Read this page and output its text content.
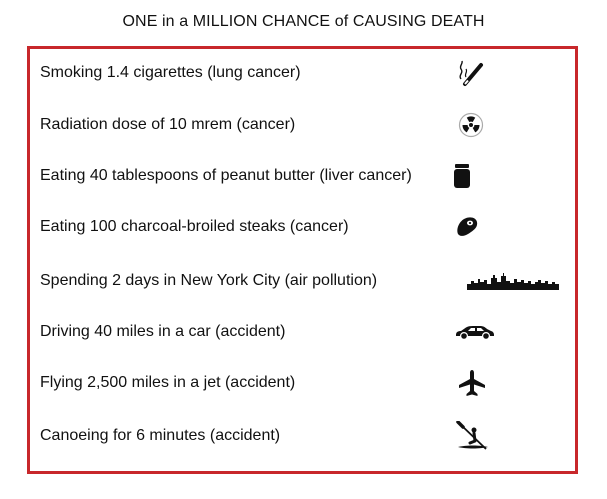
ONE in a MILLION CHANCE of CAUSING DEATH
Smoking 1.4 cigarettes (lung cancer)
Radiation dose of 10 mrem (cancer)
Eating 40 tablespoons of peanut butter (liver cancer)
Eating 100 charcoal-broiled steaks (cancer)
Spending 2 days in New York City (air pollution)
Driving 40 miles in a car (accident)
Flying 2,500 miles in a jet (accident)
Canoeing for 6 minutes (accident)
